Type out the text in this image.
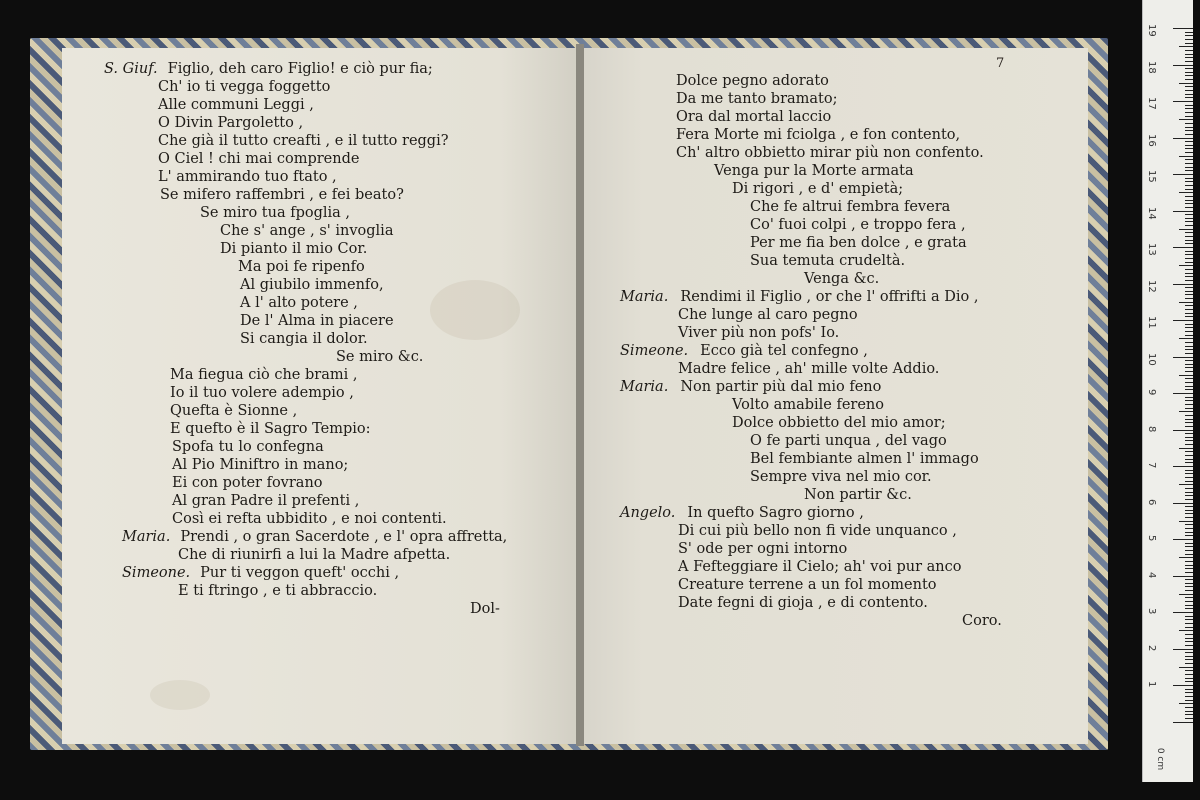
S. Giuf. Figlio, deh caro Figlio! e ciò pur fia;
Ch' io ti vegga foggetto
Alle communi Leggi ,
O Divin Pargoletto ,
Che già il tutto creafti , e il tutto reggi?
O Ciel ! chi mai comprende
L' ammirando tuo ftato ,
Se mifero raffembri , e fei beato?
Se miro tua fpoglia ,
Che s' ange , s' invoglia
Di pianto il mio Cor.
Ma poi fe ripenfo
Al giubilo immenfo,
A l' alto potere ,
De l' Alma in piacere
Si cangia il dolor.
Se miro &c.
Ma fiegua ciò che brami ,
Io il tuo volere adempio ,
Quefta è Sionne ,
E quefto è il Sagro Tempio:
Spofa tu lo confegna
Al Pio Miniftro in mano;
Ei con poter fovrano
Al gran Padre il prefenti ,
Così ei refta ubbidito , e noi contenti.
Maria. Prendi , o gran Sacerdote , e l' opra affretta,
Che di riunirfi a lui la Madre afpetta.
Simeone. Pur ti veggon queft' occhi ,
E ti ftringo , e ti abbraccio.
Dol-
Dolce pegno adorato
Da me tanto bramato;
Ora dal mortal laccio
Fera Morte mi fciolga , e fon contento,
Ch' altro obbietto mirar più non confento.
Venga pur la Morte armata
Di rigori , e d' empietà;
Che fe altrui fembra fevera
Co' fuoi colpi , e troppo fera ,
Per me fia ben dolce , e grata
Sua temuta crudeltà.
Venga &c.
Maria. Rendimi il Figlio , or che l' offrifti a Dio ,
Che lunge al caro pegno
Viver più non pofs' Io.
Simeone. Ecco già tel confegno ,
Madre felice , ah' mille volte Addio.
Maria. Non partir più dal mio feno
Volto amabile fereno
Dolce obbietto del mio amor;
O fe parti unqua , del vago
Bel fembiante almen l' immago
Sempre viva nel mio cor.
Non partir &c.
Angelo. In quefto Sagro giorno ,
Di cui più bello non fi vide unquanco ,
S' ode per ogni intorno
A Fefteggiare il Cielo; ah' voi pur anco
Creature terrene a un fol momento
Date fegni di gioja , e di contento.
Coro.
7
19
18
17
16
15
14
13
12
11
10
9
8
7
6
5
4
3
2
1
0 cm
